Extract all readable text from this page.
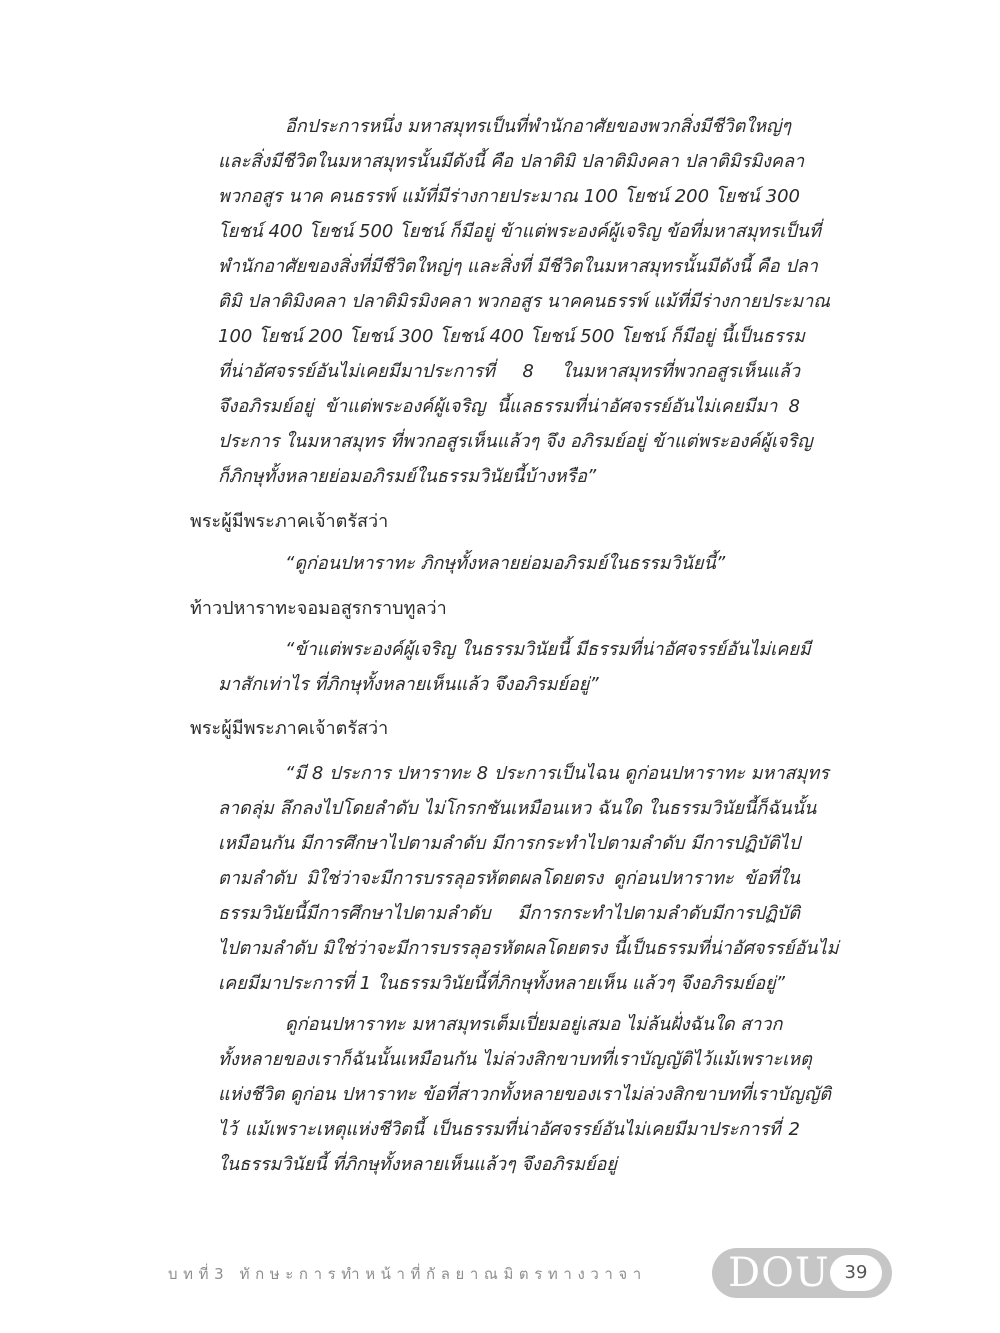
อีกประการหนึ่ง มหาสมุทรเป็นที่พำนักอาศัยของพวกสิ่งมีชีวิตใหญ่ๆ
และสิ่งมีชีวิตในมหาสมุทรนั้นมีดังนี้ คือ ปลาติมิ ปลาติมิงคลา ปลาติมิรมิงคลา
พวกอสูร นาค คนธรรพ์ แม้ที่มีร่างกายประมาณ 100 โยชน์ 200 โยชน์ 300
โยชน์ 400 โยชน์ 500 โยชน์ ก็มีอยู่ ข้าแต่พระองค์ผู้เจริญ ข้อที่มหาสมุทรเป็นที่
พำนักอาศัยของสิ่งที่มีชีวิตใหญ่ๆ และสิ่งที่ มีชีวิตในมหาสมุทรนั้นมีดังนี้ คือ ปลา
ติมิ ปลาติมิงคลา ปลาติมิรมิงคลา พวกอสูร นาคคนธรรพ์ แม้ที่มีร่างกายประมาณ
100 โยชน์ 200 โยชน์ 300 โยชน์ 400 โยชน์ 500 โยชน์ ก็มีอยู่ นี้เป็นธรรม
ที่น่าอัศจรรย์อันไม่เคยมีมาประการที่ 8 ในมหาสมุทรที่พวกอสูรเห็นแล้ว
จึงอภิรมย์อยู่ ข้าแต่พระองค์ผู้เจริญ นี้แลธรรมที่น่าอัศจรรย์อันไม่เคยมีมา 8
ประการ ในมหาสมุทร ที่พวกอสูรเห็นแล้วๆ จึง อภิรมย์อยู่ ข้าแต่พระองค์ผู้เจริญ
ก็ภิกษุทั้งหลายย่อมอภิรมย์ในธรรมวินัยนี้บ้างหรือ”
พระผู้มีพระภาคเจ้าตรัสว่า
“ดูก่อนปหาราทะ ภิกษุทั้งหลายย่อมอภิรมย์ในธรรมวินัยนี้”
ท้าวปหาราทะจอมอสูรกราบทูลว่า
“ข้าแต่พระองค์ผู้เจริญ ในธรรมวินัยนี้ มีธรรมที่น่าอัศจรรย์อันไม่เคยมี
มาสักเท่าไร ที่ภิกษุทั้งหลายเห็นแล้ว จึงอภิรมย์อยู่”
พระผู้มีพระภาคเจ้าตรัสว่า
“มี 8 ประการ ปหาราทะ 8 ประการเป็นไฉน ดูก่อนปหาราทะ มหาสมุทร
ลาดลุ่ม ลึกลงไปโดยลำดับ ไม่โกรกชันเหมือนเหว ฉันใด ในธรรมวินัยนี้ก็ฉันนั้น
เหมือนกัน มีการศึกษาไปตามลำดับ มีการกระทำไปตามลำดับ มีการปฏิบัติไป
ตามลำดับ มิใช่ว่าจะมีการบรรลุอรหัตตผลโดยตรง ดูก่อนปหาราทะ ข้อที่ใน
ธรรมวินัยนี้มีการศึกษาไปตามลำดับ มีการกระทำไปตามลำดับมีการปฏิบัติ
ไปตามลำดับ มิใช่ว่าจะมีการบรรลุอรหัตผลโดยตรง นี้เป็นธรรมที่น่าอัศจรรย์อันไม่
เคยมีมาประการที่ 1 ในธรรมวินัยนี้ที่ภิกษุทั้งหลายเห็น แล้วๆ จึงอภิรมย์อยู่”
ดูก่อนปหาราทะ มหาสมุทรเต็มเปี่ยมอยู่เสมอ ไม่ล้นฝั่งฉันใด สาวก
ทั้งหลายของเราก็ฉันนั้นเหมือนกัน ไม่ล่วงสิกขาบทที่เราบัญญัติไว้แม้เพราะเหตุ
แห่งชีวิต ดูก่อน ปหาราทะ ข้อที่สาวกทั้งหลายของเราไม่ล่วงสิกขาบทที่เราบัญญัติ
ไว้ แม้เพราะเหตุแห่งชีวิตนี้ เป็นธรรมที่น่าอัศจรรย์อันไม่เคยมีมาประการที่ 2
ในธรรมวินัยนี้ ที่ภิกษุทั้งหลายเห็นแล้วๆ จึงอภิรมย์อยู่
บทที่3 ทักษะการทำหน้าที่กัลยาณมิตรทางวาจา DOU 39
